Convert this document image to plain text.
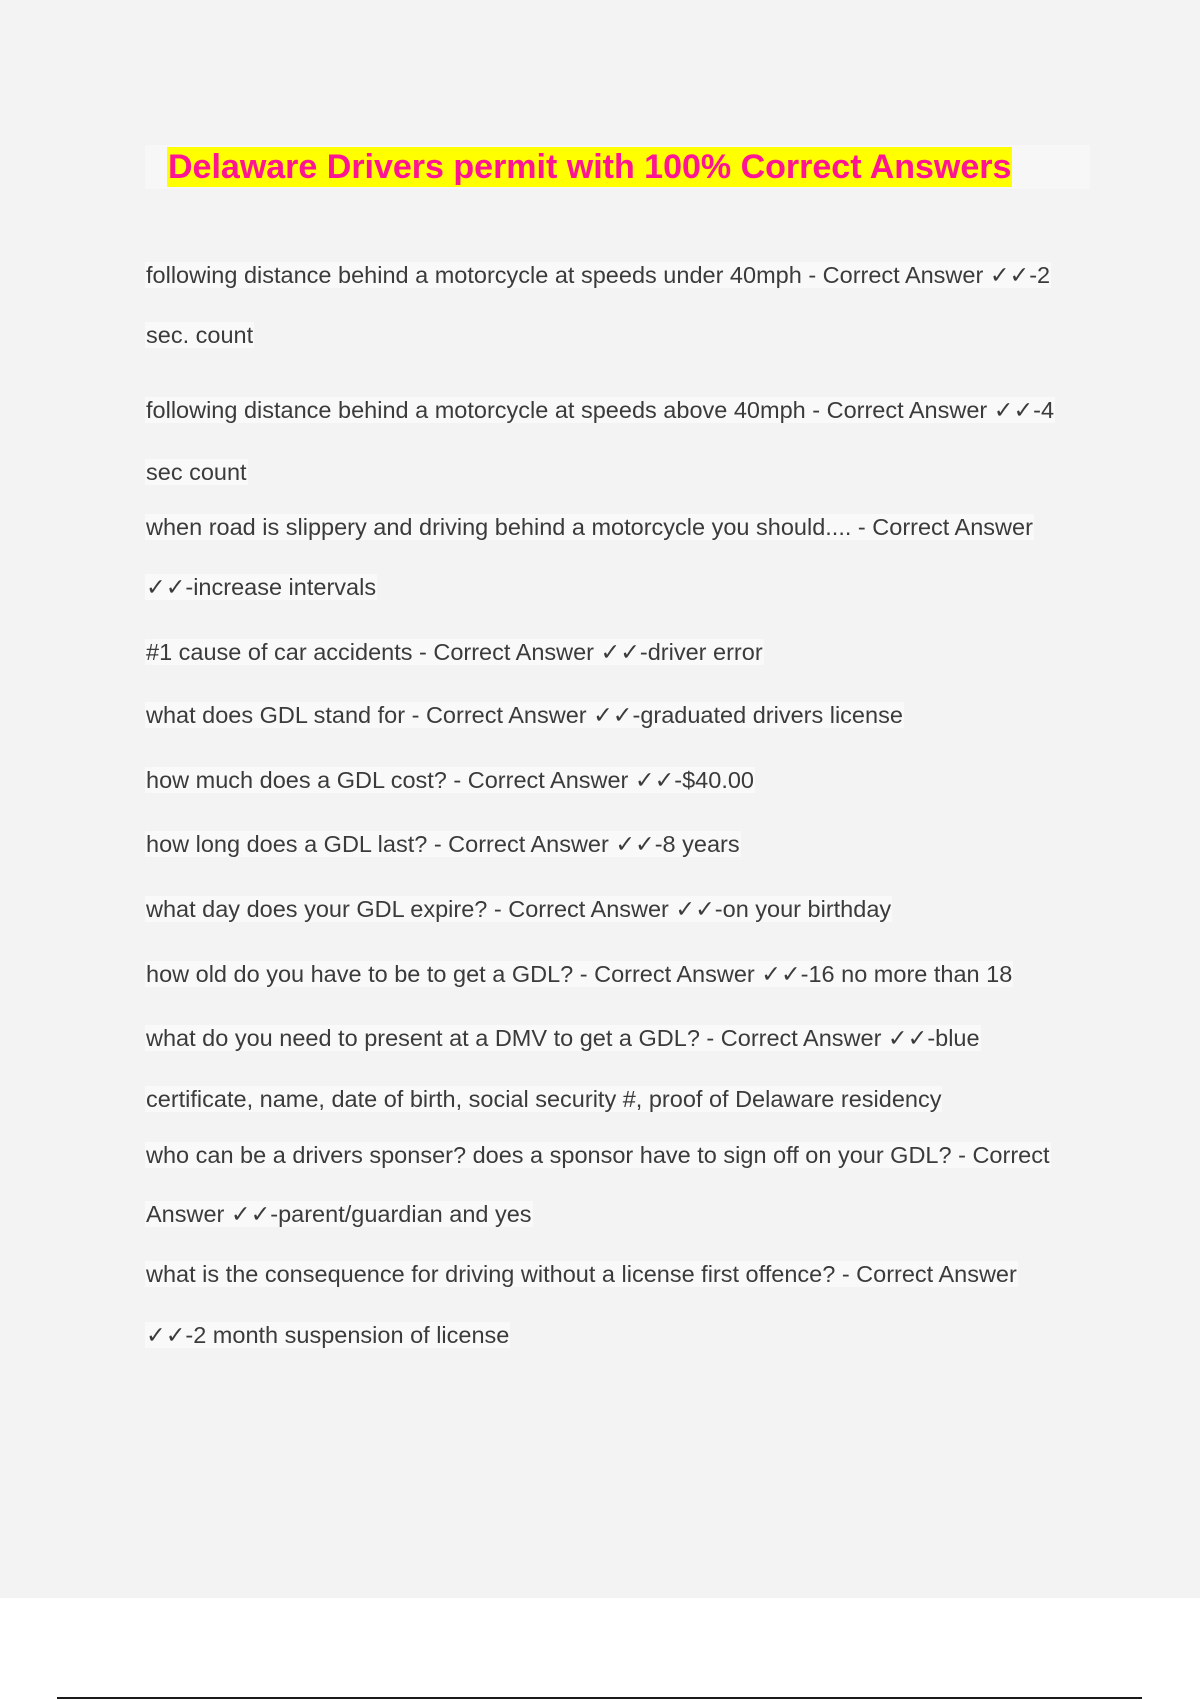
Delaware Drivers permit with 100% Correct Answers
following distance behind a motorcycle at speeds under 40mph - Correct Answer ✓✓-2
sec. count
following distance behind a motorcycle at speeds above 40mph - Correct Answer ✓✓-4
sec count
when road is slippery and driving behind a motorcycle you should.... - Correct Answer
✓✓-increase intervals
#1 cause of car accidents - Correct Answer ✓✓-driver error
what does GDL stand for - Correct Answer ✓✓-graduated drivers license
how much does a GDL cost? - Correct Answer ✓✓-$40.00
how long does a GDL last? - Correct Answer ✓✓-8 years
what day does your GDL expire? - Correct Answer ✓✓-on your birthday
how old do you have to be to get a GDL? - Correct Answer ✓✓-16 no more than 18
what do you need to present at a DMV to get a GDL? - Correct Answer ✓✓-blue
certificate, name, date of birth, social security #, proof of Delaware residency
who can be a drivers sponser? does a sponsor have to sign off on your GDL? - Correct
Answer ✓✓-parent/guardian and yes
what is the consequence for driving without a license first offence? - Correct Answer
✓✓-2 month suspension of license
